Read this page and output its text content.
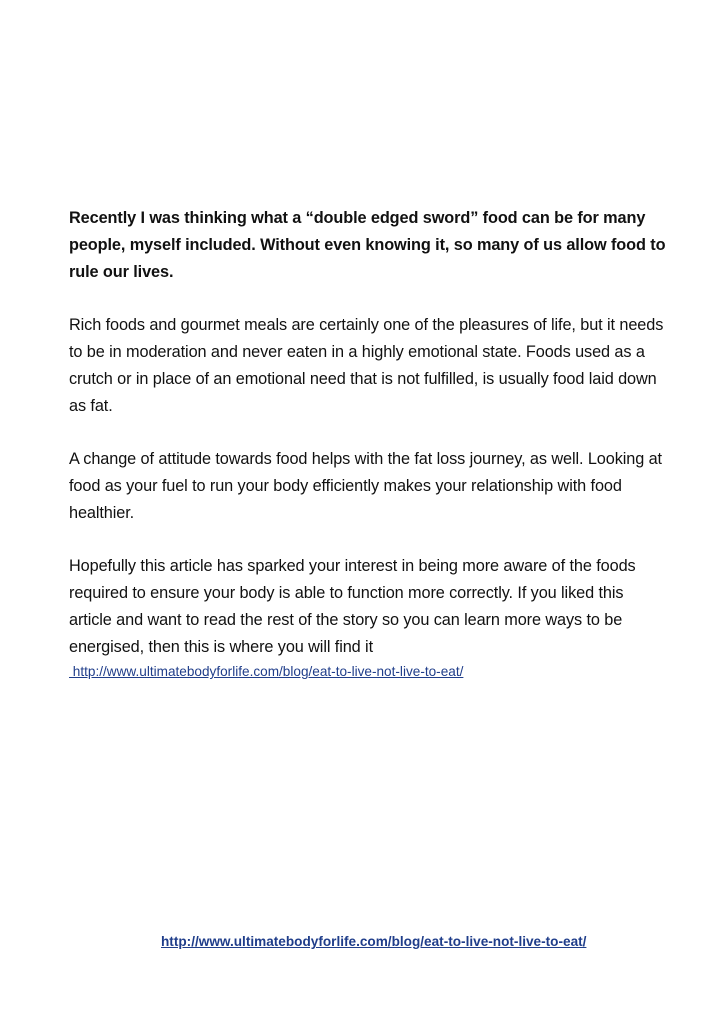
Recently I was thinking what a “double edged sword” food can be for many people, myself included. Without even knowing it, so many of us allow food to rule our lives.

Rich foods and gourmet meals are certainly one of the pleasures of life, but it needs to be in moderation and never eaten in a highly emotional state. Foods used as a crutch or in place of an emotional need that is not fulfilled, is usually food laid down as fat.

A change of attitude towards food helps with the fat loss journey, as well. Looking at food as your fuel to run your body efficiently makes your relationship with food healthier.

Hopefully this article has sparked your interest in being more aware of the foods required to ensure your body is able to function more correctly. If you liked this article and want to read the rest of the story so you can learn more ways to be energised, then this is where you will find it

http://www.ultimatebodyforlife.com/blog/eat-to-live-not-live-to-eat/
http://www.ultimatebodyforlife.com/blog/eat-to-live-not-live-to-eat/
